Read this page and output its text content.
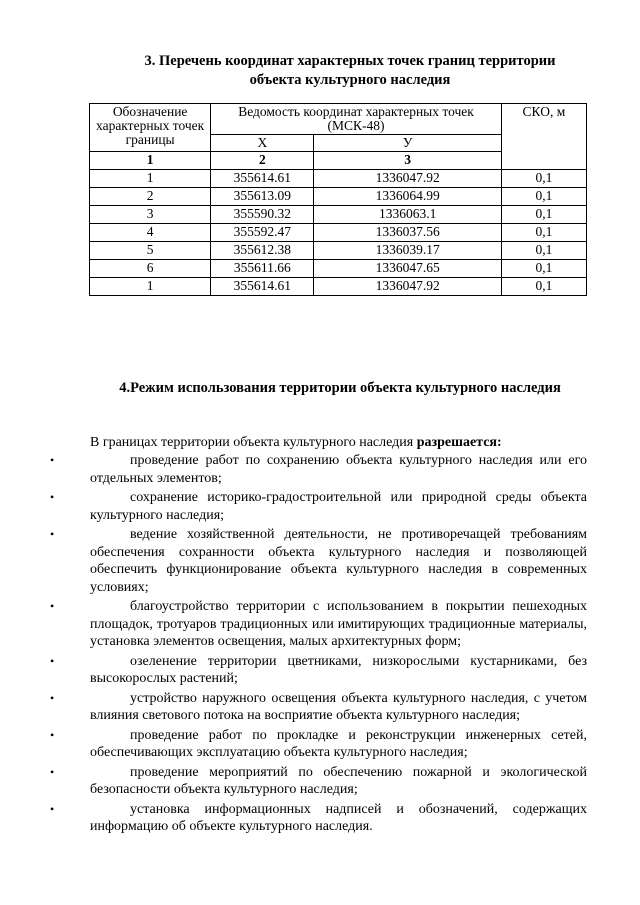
3. Перечень координат характерных точек границ территории
объекта культурного наследия
Обозначение характерных точек границы	Ведомость координат характерных точек (МСК-48)		СКО, м
	Х	У	
1	2	3	
1	355614.61	1336047.92	0,1
2	355613.09	1336064.99	0,1
3	355590.32	1336063.1	0,1
4	355592.47	1336037.56	0,1
5	355612.38	1336039.17	0,1
6	355611.66	1336047.65	0,1
1	355614.61	1336047.92	0,1
4.Режим использования территории объекта культурного наследия
В границах территории объекта культурного наследия разрешается:
•	проведение работ по сохранению объекта культурного наследия или его отдельных элементов;
•	сохранение историко-градостроительной или природной среды объекта культурного наследия;
•	ведение хозяйственной деятельности, не противоречащей требованиям обеспечения сохранности объекта культурного наследия и позволяющей обеспечить функционирование объекта культурного наследия в современных условиях;
•	благоустройство территории с использованием в покрытии пешеходных площадок, тротуаров традиционных или имитирующих традиционные материалы, установка элементов освещения, малых архитектурных форм;
•	озеленение территории цветниками, низкорослыми кустарниками, без высокорослых растений;
•	устройство наружного освещения объекта культурного наследия, с учетом влияния светового потока на восприятие объекта культурного наследия;
•	проведение работ по прокладке и реконструкции инженерных сетей, обеспечивающих эксплуатацию объекта культурного наследия;
•	проведение мероприятий по обеспечению пожарной и экологической безопасности объекта культурного наследия;
•	установка информационных надписей и обозначений, содержащих информацию об объекте культурного наследия.
